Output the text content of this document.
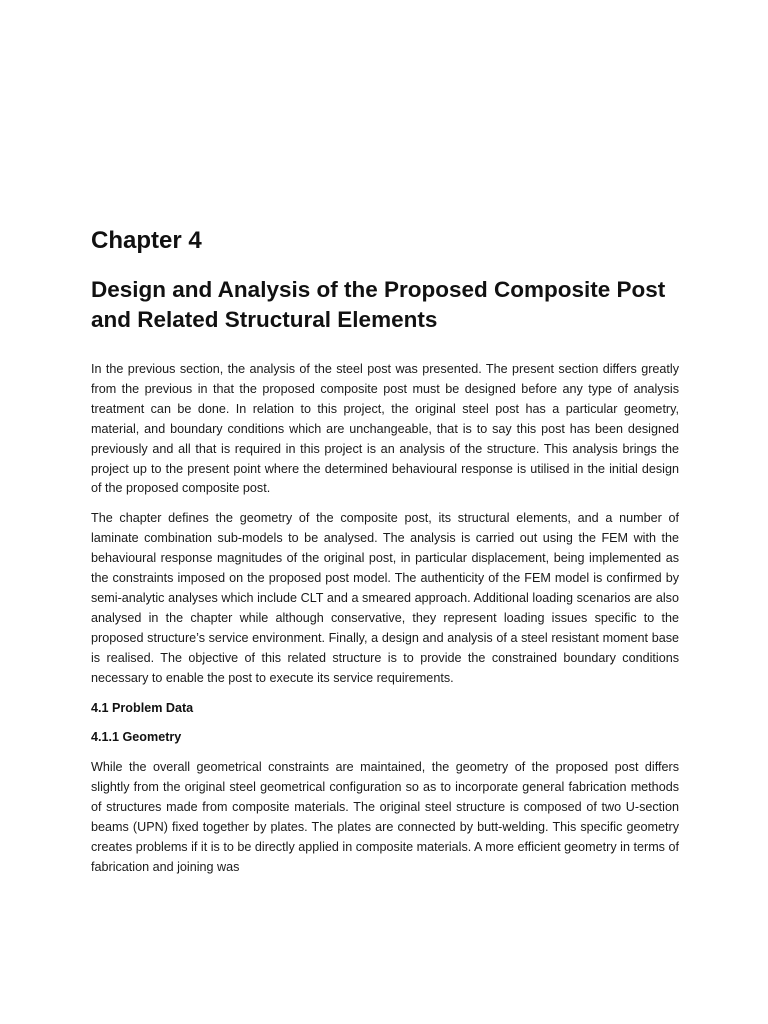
Chapter 4
Design and Analysis of the Proposed Composite Post and Related Structural Elements

In the previous section, the analysis of the steel post was presented. The present section differs greatly from the previous in that the proposed composite post must be designed before any type of analysis treatment can be done. In relation to this project, the original steel post has a particular geometry, material, and boundary conditions which are unchangeable, that is to say this post has been designed previously and all that is required in this project is an analysis of the structure. This analysis brings the project up to the present point where the determined behavioural response is utilised in the initial design of the proposed composite post.

The chapter defines the geometry of the composite post, its structural elements, and a number of laminate combination sub-models to be analysed. The analysis is carried out using the FEM with the behavioural response magnitudes of the original post, in particular displacement, being implemented as the constraints imposed on the proposed post model. The authenticity of the FEM model is confirmed by semi-analytic analyses which include CLT and a smeared approach. Additional loading scenarios are also analysed in the chapter while although conservative, they represent loading issues specific to the proposed structure’s service environment. Finally, a design and analysis of a steel resistant moment base is realised. The objective of this related structure is to provide the constrained boundary conditions necessary to enable the post to execute its service requirements.

4.1 Problem Data

4.1.1 Geometry

While the overall geometrical constraints are maintained, the geometry of the proposed post differs slightly from the original steel geometrical configuration so as to incorporate general fabrication methods of structures made from composite materials. The original steel structure is composed of two U-section beams (UPN) fixed together by plates. The plates are connected by butt-welding. This specific geometry creates problems if it is to be directly applied in composite materials. A more efficient geometry in terms of fabrication and joining was
